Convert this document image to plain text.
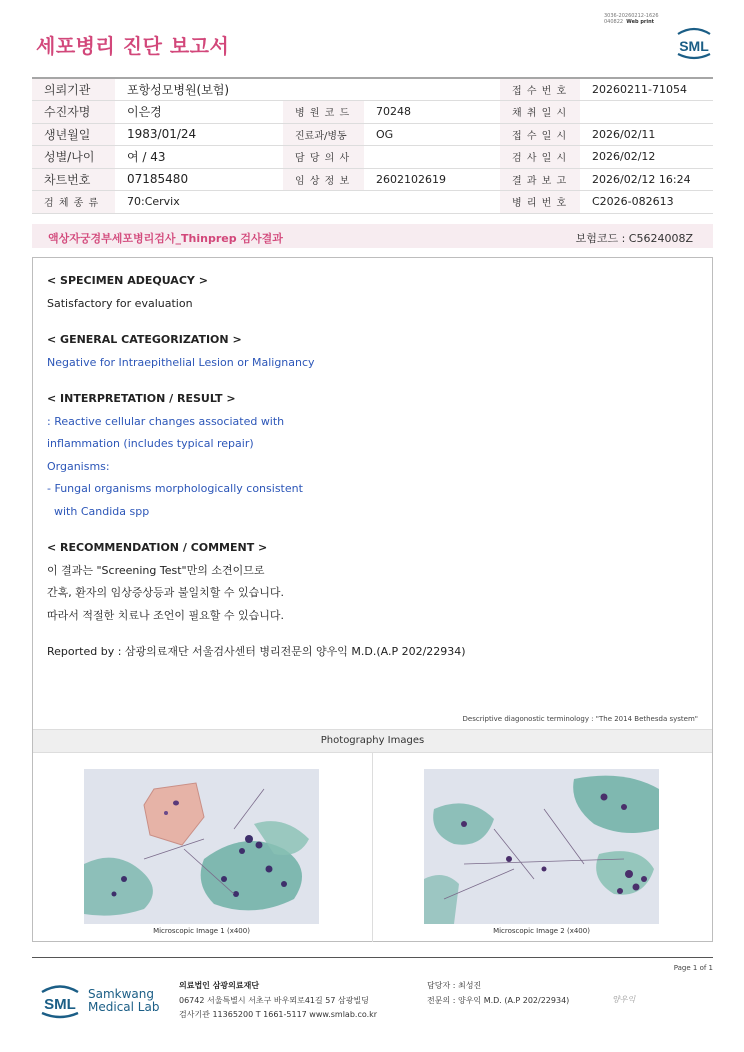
3036-20260212-1626
040822 Web print
세포병리 진단 보고서	SML
의뢰기관	포항성모병원(보험)			접 수 번 호	20260211-71054
수진자명	이은경	병 원 코 드	70248	채 취 일 시	
생년월일	1983/01/24	진료과/병동	OG	접 수 일 시	2026/02/11
성별/나이	여 / 43	담 당 의 사		검 사 일 시	2026/02/12
차트번호	07185480	임 상 정 보	2602102619	결 과 보 고	2026/02/12 16:24
검 체 종 류	70:Cervix			병 리 번 호	C2026-082613
액상자궁경부세포병리검사_Thinprep 검사결과	보험코드 : C5624008Z
< SPECIMEN ADEQUACY >
Satisfactory for evaluation
< GENERAL CATEGORIZATION >
Negative for Intraepithelial Lesion or Malignancy
< INTERPRETATION / RESULT >
: Reactive cellular changes associated with
inflammation (includes typical repair)
Organisms:
- Fungal organisms morphologically consistent
with Candida spp
< RECOMMENDATION / COMMENT >
이 결과는 "Screening Test"만의 소견이므로
간혹, 환자의 임상증상등과 불일치할 수 있습니다.
따라서 적절한 치료나 조언이 필요할 수 있습니다.
Reported by : 삼광의료재단 서울검사센터 병리전문의 양우익 M.D.(A.P 202/22934)
Descriptive diagonostic terminology : "The 2014 Bethesda system"
Photography Images
Microscopic Image 1 (x400)	Microscopic Image 2 (x400)
Page 1 of 1
SML
Samkwang
Medical Lab
의료법인 삼광의료재단
06742 서울특별시 서초구 바우뫼로41길 57 삼광빌딩
검사기관 11365200 T 1661-5117 www.smlab.co.kr
담당자 : 최성진
전문의 : 양우익 M.D. (A.P 202/22934)	양우익
